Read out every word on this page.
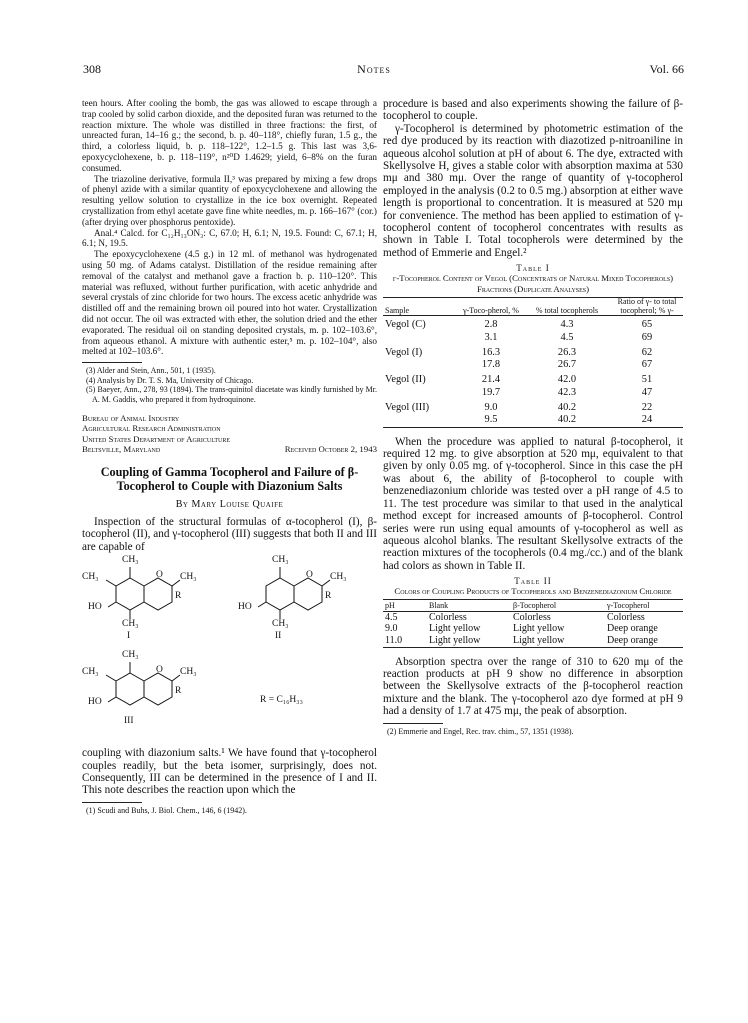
308	Notes	Vol. 66

teen hours. After cooling the bomb, the gas was allowed to escape through a trap cooled by solid carbon dioxide, and the deposited furan was returned to the reaction mixture. The whole was distilled in three fractions: the first, of unreacted furan, 14–16 g.; the second, b. p. 40–118°, chiefly furan, 1.5 g., the third, a colorless liquid, b. p. 118–122°, 1.2–1.5 g. This last was 3,6-epoxycyclohexene, b. p. 118–119°, n²⁰D 1.4629; yield, 6–8% on the furan consumed.

The triazoline derivative, formula II,³ was prepared by mixing a few drops of phenyl azide with a similar quantity of epoxycyclohexene and allowing the resulting yellow solution to crystallize in the ice box overnight. Repeated crystallization from ethyl acetate gave fine white needles, m. p. 166–167° (cor.) (after drying over phosphorus pentoxide).

Anal.⁴ Calcd. for C₁₂H₁₃ON₃: C, 67.0; H, 6.1; N, 19.5. Found: C, 67.1; H, 6.1; N, 19.5.

The epoxycyclohexene (4.5 g.) in 12 ml. of methanol was hydrogenated using 50 mg. of Adams catalyst. Distillation of the residue remaining after removal of the catalyst and methanol gave a fraction b. p. 110–120°. This material was refluxed, without further purification, with acetic anhydride and several crystals of zinc chloride for two hours. The excess acetic anhydride was distilled off and the remaining brown oil poured into hot water. Crystallization did not occur. The oil was extracted with ether, the solution dried and the ether evaporated. The residual oil on standing deposited crystals, m. p. 102–103.6°, from aqueous ethanol. A mixture with authentic ester,⁵ m. p. 102–104°, also melted at 102–103.6°.

(3) Alder and Stein, Ann., 501, 1 (1935).

(4) Analysis by Dr. T. S. Ma, University of Chicago.

(5) Baeyer, Ann., 278, 93 (1894). The trans-quinitol diacetate was kindly furnished by Mr. A. M. Gaddis, who prepared it from hydroquinone.

Bureau of Animal Industry
Agricultural Research Administration
United States Department of Agriculture
Beltsville, Maryland	Received October 2, 1943
Coupling of Gamma Tocopherol and Failure of β-Tocopherol to Couple with Diazonium Salts
By Mary Louise Quaife

Inspection of the structural formulas of α-tocopherol (I), β-tocopherol (II), and γ-tocopherol (III) suggests that both II and III are capable of

CH₃
CH₃
HO
CH₃
O CH₃
R
I
CH₃
HO
CH₃
O CH₃
R
II
CH₃
CH₃
HO
O CH₃
R
III
R = C₁₆H₃₃

coupling with diazonium salts.¹ We have found that γ-tocopherol couples readily, but the beta isomer, surprisingly, does not. Consequently, III can be determined in the presence of I and II. This note describes the reaction upon which the

(1) Scudi and Buhs, J. Biol. Chem., 146, 6 (1942).

procedure is based and also experiments showing the failure of β-tocopherol to couple.

γ-Tocopherol is determined by photometric estimation of the red dye produced by its reaction with diazotized p-nitroaniline in aqueous alcohol solution at pH of about 6. The dye, extracted with Skellysolve H, gives a stable color with absorption maxima at 530 mμ and 380 mμ. Over the range of quantity of γ-tocopherol employed in the analysis (0.2 to 0.5 mg.) absorption at either wave length is proportional to concentration. It is measured at 520 mμ for convenience. The method has been applied to estimation of γ-tocopherol content of tocopherol concentrates with results as shown in Table I. Total tocopherols were determined by the method of Emmerie and Engel.²

Table I
γ-Tocopherol Content of Vegol (Concentrats of Natural Mixed Tocopherols) Fractions (Duplicate Analyses)
Sample	γ-Toco-pherol, %	% total tocopherols	Ratio of γ- to total tocopherol; % γ-
Vegol (C)	2.8	4.3	65
	3.1	4.5	69
Vegol (I)	16.3	26.3	62
	17.8	26.7	67
Vegol (II)	21.4	42.0	51
	19.7	42.3	47
Vegol (III)	9.0	40.2	22
	9.5	40.2	24

When the procedure was applied to natural β-tocopherol, it required 12 mg. to give absorption at 520 mμ, equivalent to that given by only 0.05 mg. of γ-tocopherol. Since in this case the pH was about 6, the ability of β-tocopherol to couple with benzenediazonium chloride was tested over a pH range of 4.5 to 11. The test procedure was similar to that used in the analytical method except for increased amounts of β-tocopherol. Control series were run using equal amounts of γ-tocopherol as well as aqueous alcohol blanks. The resultant Skellysolve extracts of the reaction mixtures of the tocopherols (0.4 mg./cc.) and of the blank had colors as shown in Table II.

Table II
Colors of Coupling Products of Tocopherols and Benzenediazonium Chloride
pH	Blank	β-Tocopherol	γ-Tocopherol
4.5	Colorless	Colorless	Colorless
9.0	Light yellow	Light yellow	Deep orange
11.0	Light yellow	Light yellow	Deep orange

Absorption spectra over the range of 310 to 620 mμ of the reaction products at pH 9 show no difference in absorption between the Skellysolve extracts of the β-tocopherol reaction mixture and the blank. The γ-tocopherol azo dye formed at pH 9 had a density of 1.7 at 475 mμ, the peak of absorption.

(2) Emmerie and Engel, Rec. trav. chim., 57, 1351 (1938).
